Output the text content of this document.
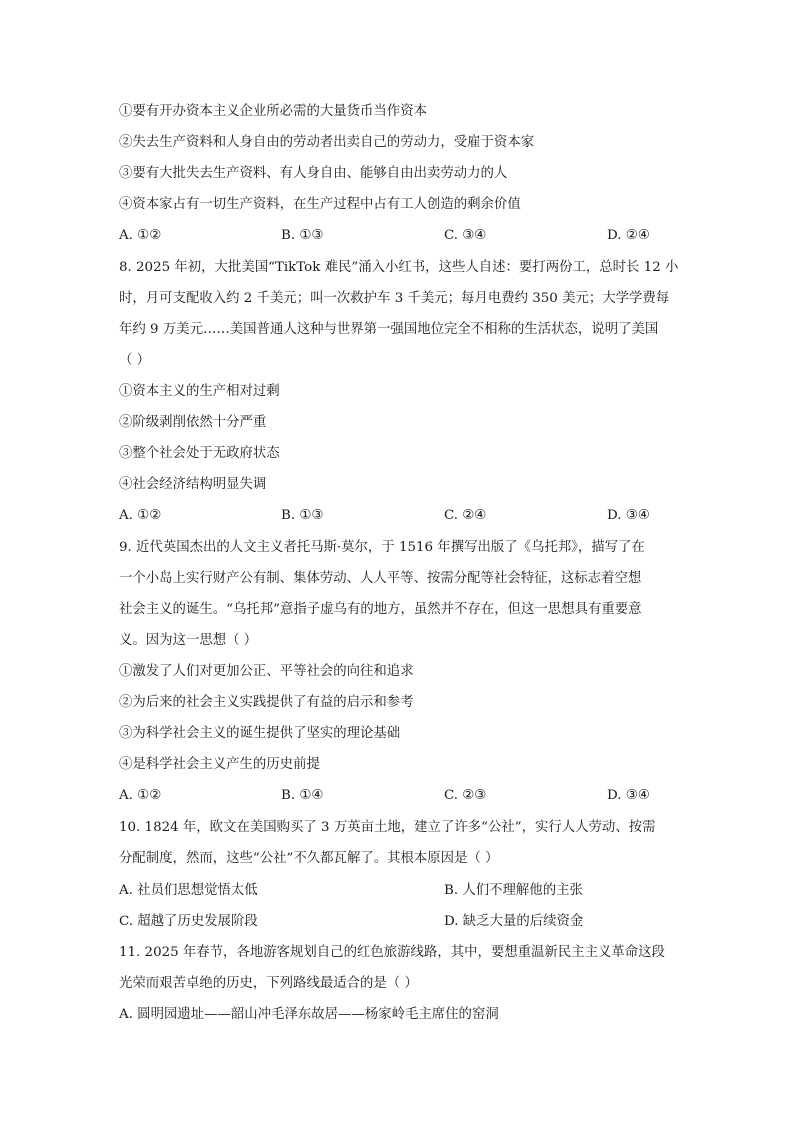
①要有开办资本主义企业所必需的大量货币当作资本
②失去生产资料和人身自由的劳动者出卖自己的劳动力，受雇于资本家
③要有大批失去生产资料、有人身自由、能够自由出卖劳动力的人
④资本家占有一切生产资料，在生产过程中占有工人创造的剩余价值
A. ①②	B. ①③	C. ③④	D. ②④
8. 2025 年初，大批美国“TikTok 难民”涌入小红书，这些人自述：要打两份工，总时长 12 小
时，月可支配收入约 2 千美元；叫一次救护车 3 千美元；每月电费约 350 美元；大学学费每
年约 9 万美元……美国普通人这种与世界第一强国地位完全不相称的生活状态，说明了美国
（ ）
①资本主义的生产相对过剩
②阶级剥削依然十分严重
③整个社会处于无政府状态
④社会经济结构明显失调
A. ①②	B. ①③	C. ②④	D. ③④
9. 近代英国杰出的人文主义者托马斯·莫尔，于 1516 年撰写出版了《乌托邦》，描写了在
一个小岛上实行财产公有制、集体劳动、人人平等、按需分配等社会特征，这标志着空想
社会主义的诞生。“乌托邦”意指子虚乌有的地方，虽然并不存在，但这一思想具有重要意
义。因为这一思想（ ）
①激发了人们对更加公正、平等社会的向往和追求
②为后来的社会主义实践提供了有益的启示和参考
③为科学社会主义的诞生提供了坚实的理论基础
④是科学社会主义产生的历史前提
A. ①②	B. ①④	C. ②③	D. ③④
10. 1824 年，欧文在美国购买了 3 万英亩土地，建立了许多“公社”，实行人人劳动、按需
分配制度，然而，这些“公社”不久都瓦解了。其根本原因是（ ）
A. 社员们思想觉悟太低	B. 人们不理解他的主张
C. 超越了历史发展阶段	D. 缺乏大量的后续资金
11. 2025 年春节，各地游客规划自己的红色旅游线路，其中，要想重温新民主主义革命这段
光荣而艰苦卓绝的历史，下列路线最适合的是（ ）
A. 圆明园遗址——韶山冲毛泽东故居——杨家岭毛主席住的窑洞
